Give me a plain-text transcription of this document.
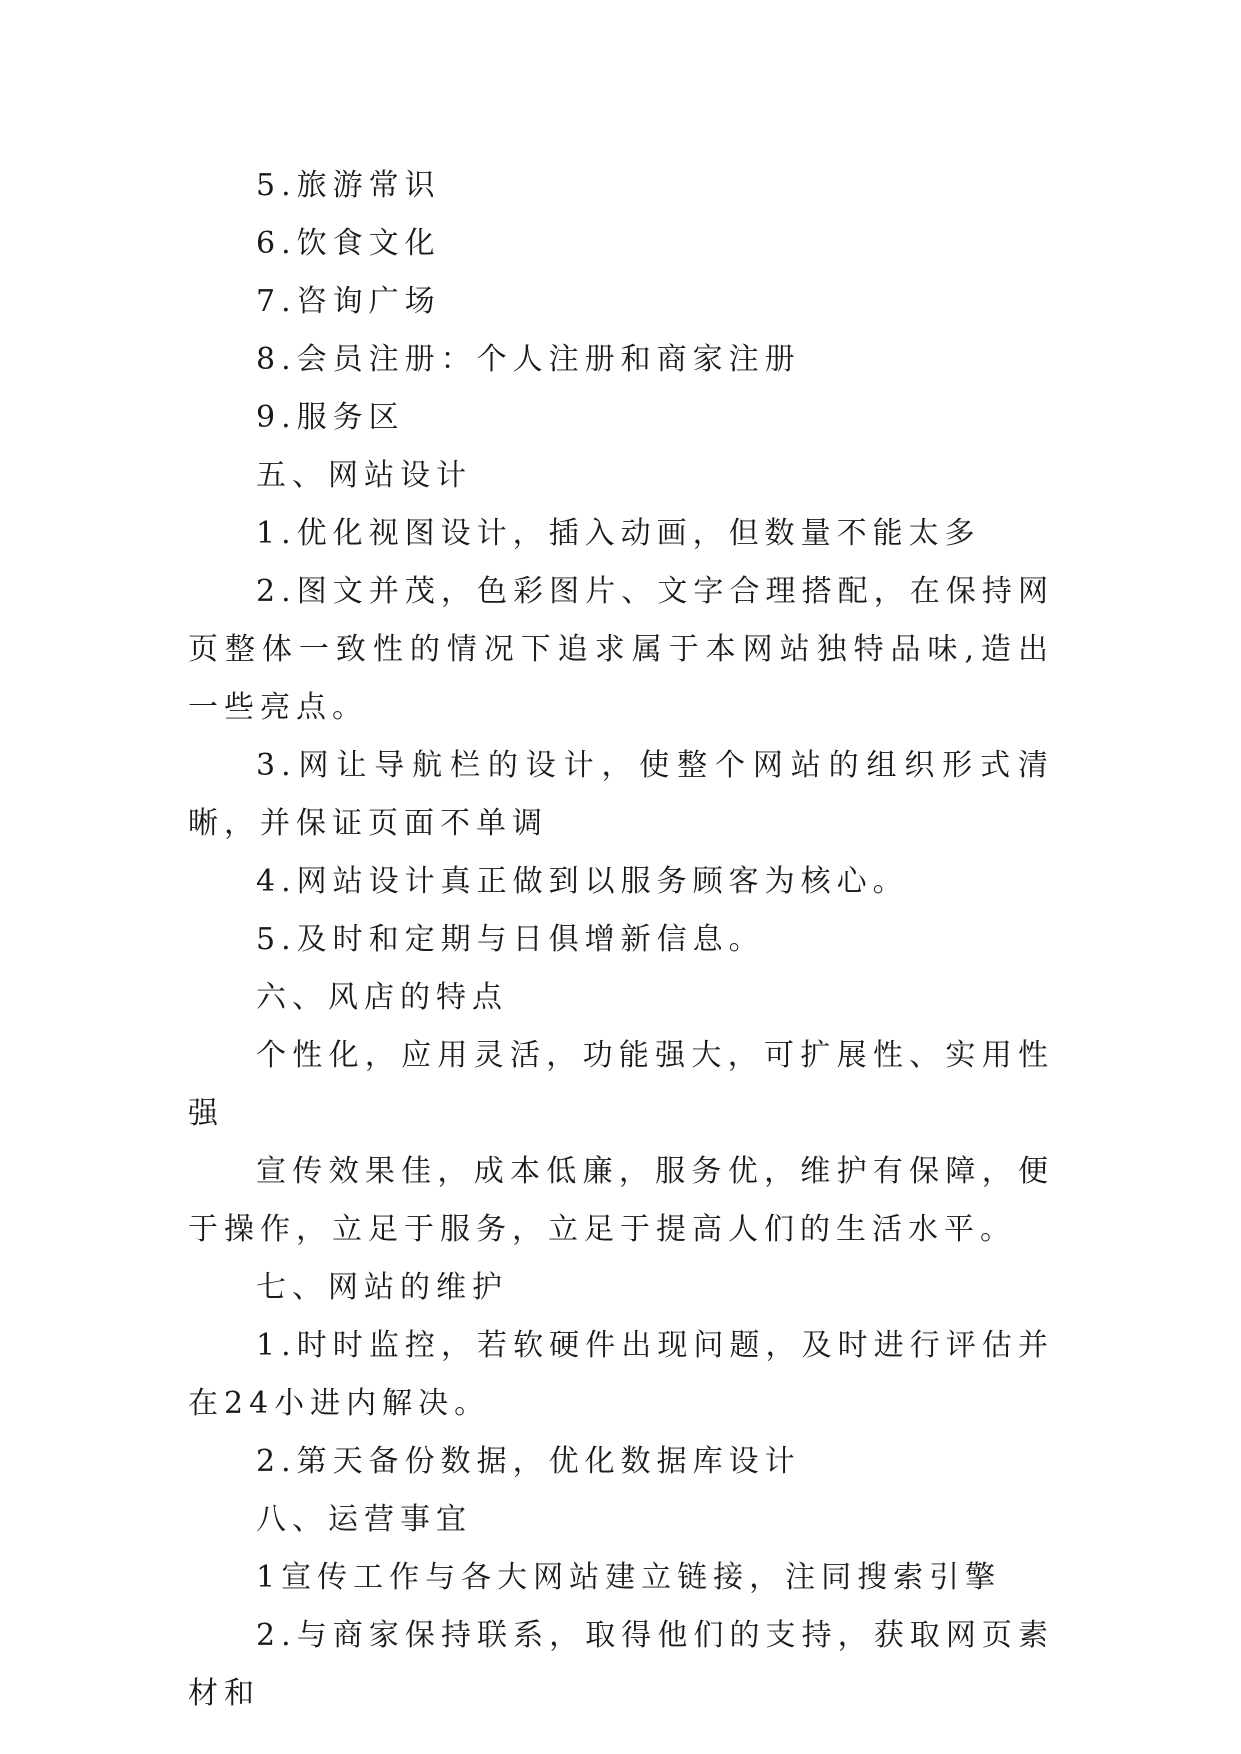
5.旅游常识

6.饮食文化

7.咨询广场

8.会员注册：个人注册和商家注册

9.服务区

五、网站设计

1.优化视图设计，插入动画，但数量不能太多

2.图文并茂，色彩图片、文字合理搭配，在保持网页整体一致性的情况下追求属于本网站独特品味,造出一些亮点。

3.网让导航栏的设计，使整个网站的组织形式清晰，并保证页面不单调

4.网站设计真正做到以服务顾客为核心。

5.及时和定期与日俱增新信息。

六、风店的特点

个性化，应用灵活，功能强大，可扩展性、实用性强

宣传效果佳，成本低廉，服务优，维护有保障，便于操作，立足于服务，立足于提高人们的生活水平。

七、网站的维护

1.时时监控，若软硬件出现问题，及时进行评估并在24小进内解决。

2.第天备份数据，优化数据库设计

八、运营事宜

1宣传工作与各大网站建立链接，注同搜索引擎

2.与商家保持联系，取得他们的支持，获取网页素材和
